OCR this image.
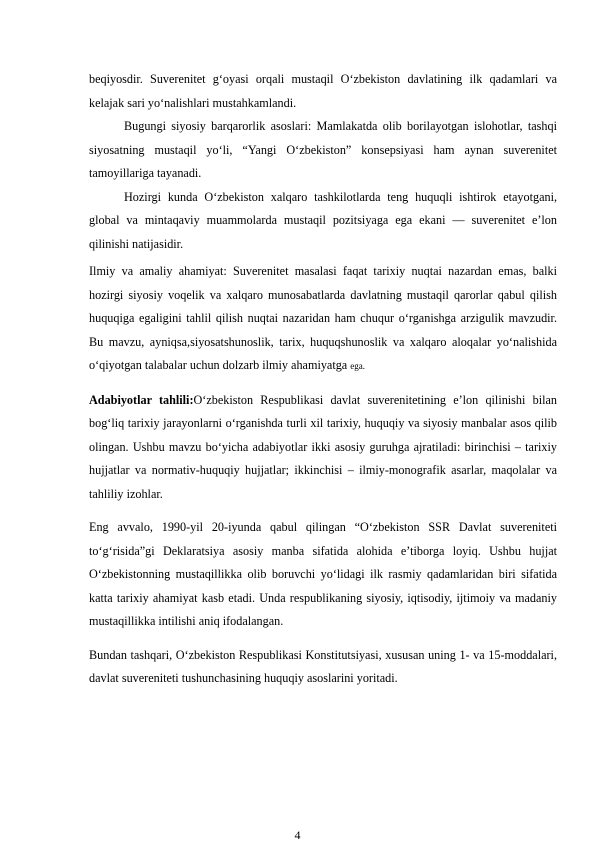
beqiyosdir. Suverenitet g‘oyasi orqali mustaqil O‘zbekiston davlatining ilk qadamlari va kelajak sari yo‘nalishlari mustahkamlandi.

Bugungi siyosiy barqarorlik asoslari: Mamlakatda olib borilayotgan islohotlar, tashqi siyosatning mustaqil yo‘li, “Yangi O‘zbekiston” konsepsiyasi ham aynan suverenitet tamoyillariga tayanadi.

Hozirgi kunda O‘zbekiston xalqaro tashkilotlarda teng huquqli ishtirok etayotgani, global va mintaqaviy muammolarda mustaqil pozitsiyaga ega ekani — suverenitet e’lon qilinishi natijasidir.

Ilmiy va amaliy ahamiyat: Suverenitet masalasi faqat tarixiy nuqtai nazardan emas, balki hozirgi siyosiy voqelik va xalqaro munosabatlarda davlatning mustaqil qarorlar qabul qilish huquqiga egaligini tahlil qilish nuqtai nazaridan ham chuqur o‘rganishga arzigulik mavzudir. Bu mavzu, ayniqsa,siyosatshunoslik, tarix, huquqshunoslik va xalqaro aloqalar yo‘nalishida o‘qiyotgan talabalar uchun dolzarb ilmiy ahamiyatga ega.

Adabiyotlar tahlili:O‘zbekiston Respublikasi davlat suverenitetining e’lon qilinishi bilan bog‘liq tarixiy jarayonlarni o‘rganishda turli xil tarixiy, huquqiy va siyosiy manbalar asos qilib olingan. Ushbu mavzu bo‘yicha adabiyotlar ikki asosiy guruhga ajratiladi: birinchisi – tarixiy hujjatlar va normativ-huquqiy hujjatlar; ikkinchisi – ilmiy-monografik asarlar, maqolalar va tahliliy izohlar.

Eng avvalo, 1990-yil 20-iyunda qabul qilingan “O‘zbekiston SSR Davlat suvereniteti to‘g‘risida”gi Deklaratsiya asosiy manba sifatida alohida e’tiborga loyiq. Ushbu hujjat O‘zbekistonning mustaqillikka olib boruvchi yo‘lidagi ilk rasmiy qadamlaridan biri sifatida katta tarixiy ahamiyat kasb etadi. Unda respublikaning siyosiy, iqtisodiy, ijtimoiy va madaniy mustaqillikka intilishi aniq ifodalangan.

Bundan tashqari, O‘zbekiston Respublikasi Konstitutsiyasi, xususan uning 1- va 15-moddalari, davlat suvereniteti tushunchasining huquqiy asoslarini yoritadi.

4
